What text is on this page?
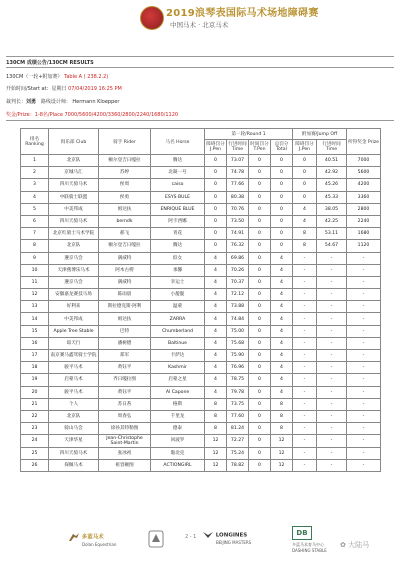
2019浪琴表国际马术场地障碍赛
中国马术 · 北京马术
130CM 成绩公告/130CM RESULTS
130CM（一轮+附加赛） Table A ( 238.2.2)
开始时间/Start at：星期日 07/04/2019 16:25 PM
裁判长：刘勇 路线设计师： Hermann Kloepper
奖金/Prize：1-8名/Place 7000/5600/4200/3360/2800/2240/1680/1120
排名 Ranking	俱乐部 Club	骑手 Rider	马名 Horse	第一轮/Round 1				附加赛/Jump Off		所得奖金 Prize
				障碍罚分 J.Pen	行进时间 Time	时间罚分 T.Pen	总罚分 Total	障碍罚分 J.Pen	行进时间 Time	
1	北京队	额尔登吉日嘎拉	腾达	0	73.07	0	0	0	40.51	7000
2	京城马汇	苏婷	北凝一号	0	74.78	0	0	0	42.92	5600
3	四川天骑马术	侯周	caiso	0	77.66	0	0	0	45.26	4200
4	中联骑士联盟	侯勇	ESYS BULE	0	80.38	0	0	0	45.33	3360
5	中美邦成	姐达扶	ENRIQUE BLUE	0	70.76	0	0	4	38.05	2800
6	四川天骑马术	berndk	阿卡西娜	0	73.50	0	0	4	42.25	2240
7	北京红骑士马术学院	郝飞	青花	0	74.91	0	0	8	53.11	1680
8	北京队	额尔登吉日嘎拉	腾达	0	76.32	0	0	8	54.67	1120
9	遵京马会	满威特	似女	4	69.86	0	4	-	-	-
10	天津燕博乐马术	阿木古楞	承馨	4	70.26	0	4	-	-	-
11	遵京马会	满威特	幸运士	4	70.37	0	4	-	-	-
12	安徽嘉龙赛技马场	陈雨晨	小靛靛	4	72.12	0	4	-	-	-
13	好利来	斯拉德克斯·阿利	温蒙	4	73.88	0	4	-	-	-
14	中美邦成	姐达扶	ZARRA	4	74.84	0	4	-	-	-
15	Apple Tree Stable	巴特	Chumberland	4	75.00	0	4	-	-	-
16	琼天行	潘树德	Baltinue	4	75.68	0	4	-	-	-
17	南京赛马鑫驾骑士学院	郑军	卡萨达	4	75.90	0	4	-	-	-
18	骏平马术	黄钰平	Kashmir	4	76.96	0	4	-	-	-
19	启蒙马术	齐日嘎拉图	启蒙之星	4	78.75	0	4	-	-	-
20	骏平马术	黄钰平	Al Capone	4	79.78	0	4	-	-	-
21	个人	苏日苔	格斯	8	73.75	0	8	-	-	-
22	北京队	周春弘	千里龙	8	77.60	0	8	-	-	-
23	骑山马会	徐孙其特勒图	德泰	8	81.24	0	8	-	-	-
24	天津华星	Jean-Christophe Saint-Martin	回波罗	12	72.27	0	12	-	-	-
25	四川天骑马术	张冰初	黏北克	12	75.24	0	12	-	-	-
26	探佩马术	祖容额图	ACTIONGIRL	12	78.82	0	12	-	-	-
多蓝马术
Dolan Equestrian
LONGINES
BEIJING MASTERS
DB
多蓝马术育马中心
DASHING STABLE
2 - 1
✿ 大陆马
